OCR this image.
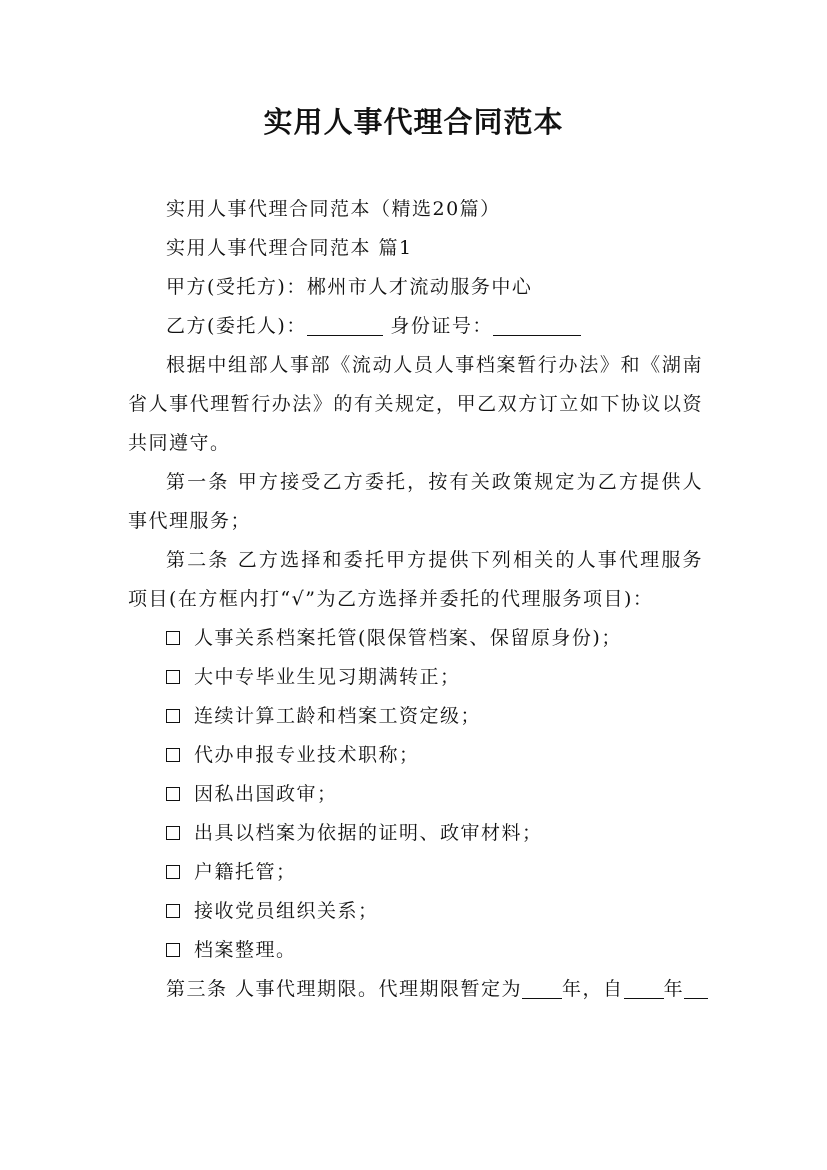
实用人事代理合同范本

实用人事代理合同范本（精选20篇）

实用人事代理合同范本 篇1

甲方(受托方)：郴州市人才流动服务中心

乙方(委托人)：	身份证号：

根据中组部人事部《流动人员人事档案暂行办法》和《湖南省人事代理暂行办法》的有关规定，甲乙双方订立如下协议以资共同遵守。

第一条 甲方接受乙方委托，按有关政策规定为乙方提供人事代理服务；

第二条 乙方选择和委托甲方提供下列相关的人事代理服务项目(在方框内打“√”为乙方选择并委托的代理服务项目)：

人事关系档案托管(限保管档案、保留原身份)；
大中专毕业生见习期满转正；
连续计算工龄和档案工资定级；
代办申报专业技术职称；
因私出国政审；
出具以档案为依据的证明、政审材料；
户籍托管；
接收党员组织关系；
档案整理。

第三条 人事代理期限。代理期限暂定为 年，自 年
